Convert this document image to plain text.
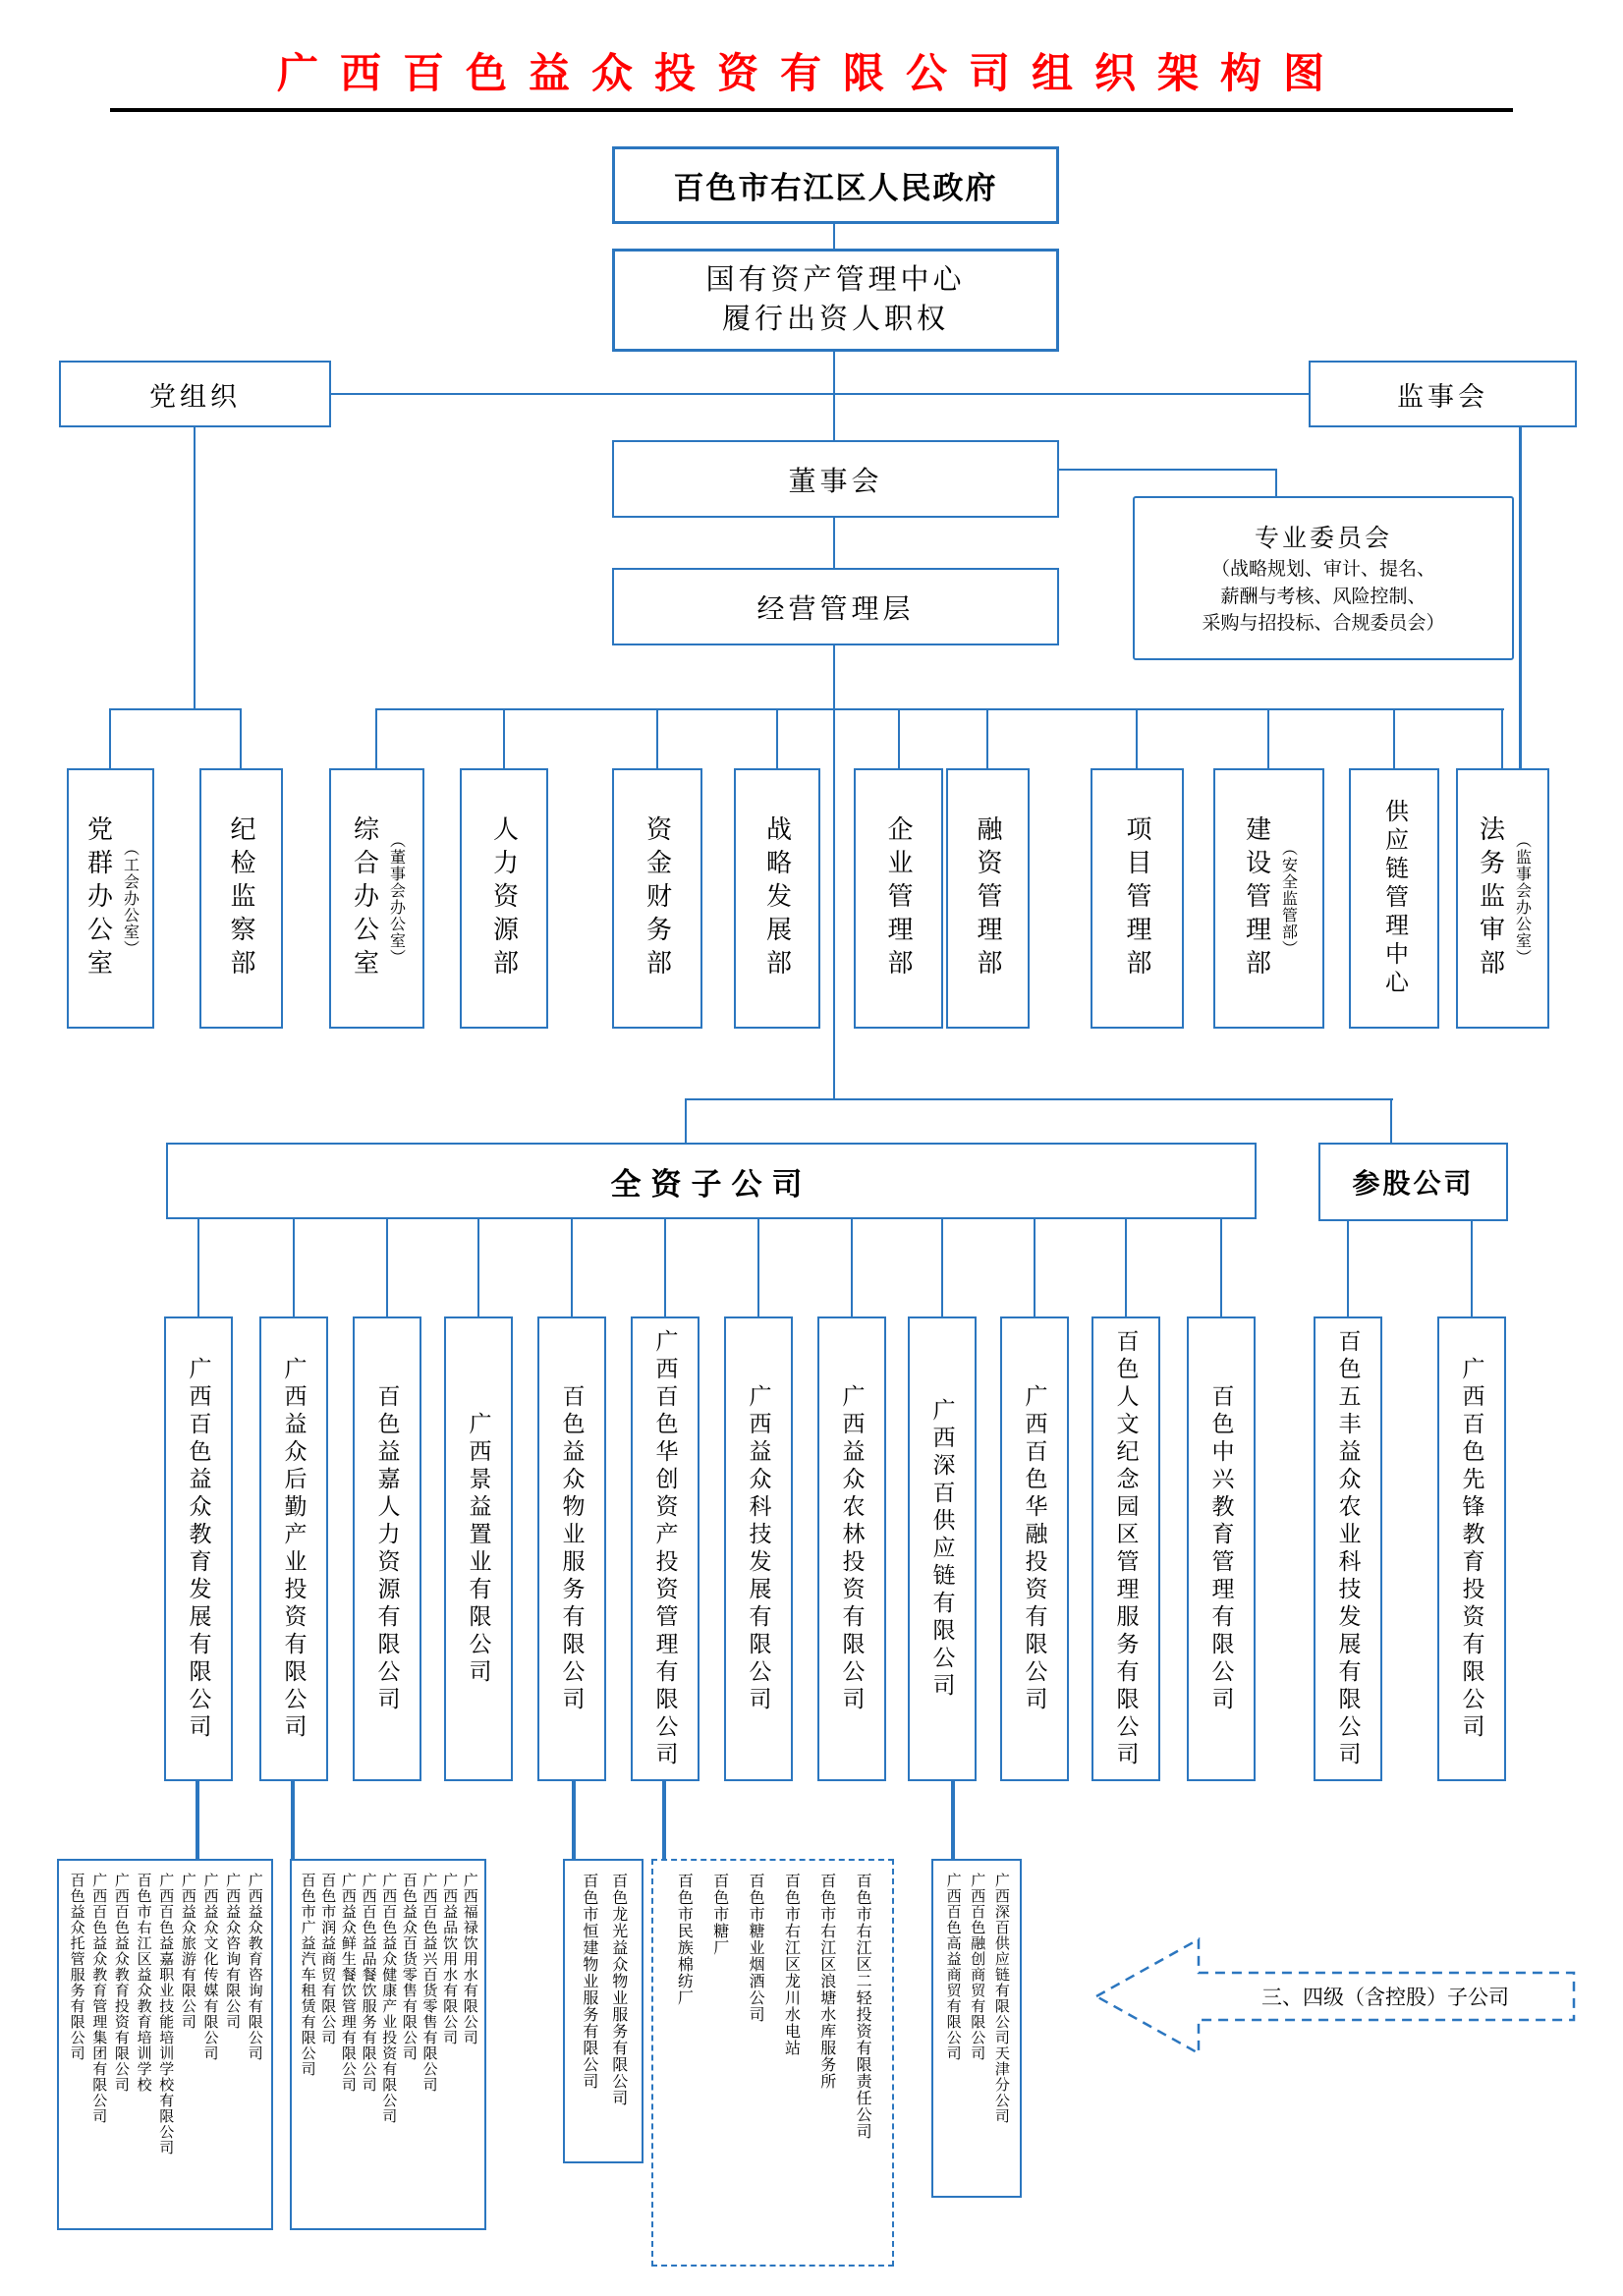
广西百色益众投资有限公司组织架构图
百色市右江区人民政府
国有资产管理中心
履行出资人职权
党组织	监事会
董事会
专业委员会
（战略规划、审计、提名、
薪酬与考核、风险控制、
采购与招投标、合规委员会）
经营管理层
全资子公司	参股公司
三、四级（含控股）子公司
党群办公室 （工会办公室）	纪检监察部	综合办公室 （董事会办公室）	人力资源部	资金财务部	战略发展部	企业管理部 融资管理部	项目管理部	建设管理部 （安全监管部）	供应链管理中心	法务监审部 （监事会办公室）
广西百色益众教育发展有限公司	广西益众后勤产业投资有限公司	百色益嘉人力资源有限公司	广西景益置业有限公司	百色益众物业服务有限公司	广西百色华创资产投资管理有限公司	广西益众科技发展有限公司	广西益众农林投资有限公司	广西深百供应链有限公司	广西百色华融投资有限公司	百色人文纪念园区管理服务有限公司	百色中兴教育管理有限公司	百色五丰益众农业科技发展有限公司	广西百色先锋教育投资有限公司
百色益众托管服务有限公司 广西百色益众教育管理集团有限公司 广西百色益众教育投资有限公司 百色市右江区益众教育培训学校 广西百色益嘉职业技能培训学校有限公司 广西益众旅游有限公司 广西益众文化传媒有限公司 广西益众咨询有限公司 广西益众教育咨询有限公司	百色市广益汽车租赁有限公司 百色市润益商贸有限公司 广西益众鲜生餐饮管理有限公司 广西百色益品餐饮服务有限公司 广西百色益众健康产业投资有限公司 百色益众百货零售有限公司 广西百色益兴百货零售有限公司 广西益品饮用水有限公司 广西福禄饮用水有限公司	百色市恒建物业服务有限公司 百色龙光益众物业服务有限公司	百色市民族棉纺厂 百色市糖厂 百色市糖业烟酒公司 百色市右江区龙川水电站 百色市右江区浪塘水库服务所 百色市右江区二轻投资有限责任公司	广西百色高益商贸有限公司 广西百色融创商贸有限公司 广西深百供应链有限公司天津分公司
